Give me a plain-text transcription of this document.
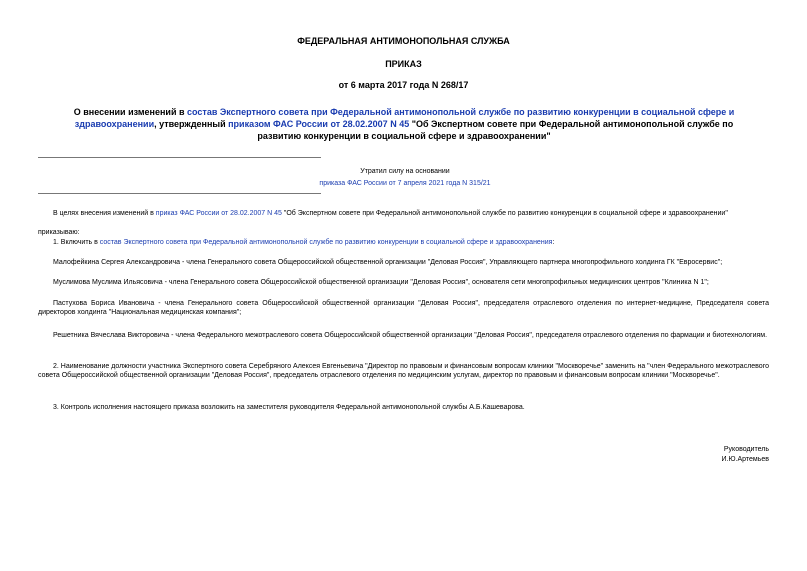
ФЕДЕРАЛЬНАЯ АНТИМОНОПОЛЬНАЯ СЛУЖБА
ПРИКАЗ
от 6 марта 2017 года N 268/17
О внесении изменений в состав Экспертного совета при Федеральной антимонопольной службе по развитию конкуренции в социальной сфере и здравоохранении, утвержденный приказом ФАС России от 28.02.2007 N 45 "Об Экспертном совете при Федеральной антимонопольной службе по развитию конкуренции в социальной сфере и здравоохранении"
Утратил силу на основании
приказа ФАС России от 7 апреля 2021 года N 315/21
В целях внесения изменений в приказ ФАС России от 28.02.2007 N 45 "Об Экспертном совете при Федеральной антимонопольной службе по развитию конкуренции в социальной сфере и здравоохранении"
приказываю:
1. Включить в состав Экспертного совета при Федеральной антимонопольной службе по развитию конкуренции в социальной сфере и здравоохранения:
Малофейкина Сергея Александровича - члена Генерального совета Общероссийской общественной организации "Деловая Россия", Управляющего партнера многопрофильного холдинга ГК "Евросервис";
Муслимова Муслима Ильясовича - члена Генерального совета Общероссийской общественной организации "Деловая Россия", основателя сети многопрофильных медицинских центров "Клиника N 1";
Пастухова Бориса Ивановича - члена Генерального совета Общероссийской общественной организации "Деловая Россия", председателя отраслевого отделения по интернет-медицине, Председателя совета директоров холдинга "Национальная медицинская компания";
Решетника Вячеслава Викторовича - члена Федерального межотраслевого совета Общероссийской общественной организации "Деловая Россия", председателя отраслевого отделения по фармации и биотехнологиям.
2. Наименование должности участника Экспертного совета Серебряного Алексея Евгеньевича "Директор по правовым и финансовым вопросам клиники "Москворечье" заменить на "член Федерального межотраслевого совета Общероссийской общественной организации "Деловая Россия", председатель отраслевого отделения по медицинским услугам, директор по правовым и финансовым вопросам клиники "Москворечье".
3. Контроль исполнения настоящего приказа возложить на заместителя руководителя Федеральной антимонопольной службы А.Б.Кашеварова.
Руководитель
И.Ю.Артемьев
